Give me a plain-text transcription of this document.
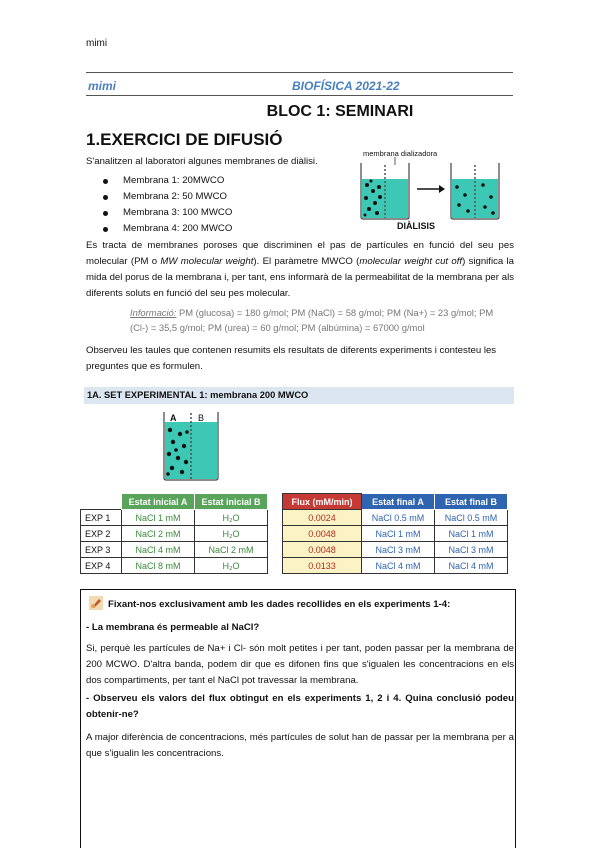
mimi
mimi	BIOFÍSICA 2021-22
BLOC 1: SEMINARI
1.EXERCICI DE DIFUSIÓ
S'analitzen al laboratori algunes membranes de diàlisi.
Membrana 1: 20MWCO
Membrana 2: 50 MWCO
Membrana 3: 100 MWCO
Membrana 4: 200 MWCO
membrana dializadora
DIÀLISIS
Es tracta de membranes poroses que discriminen el pas de partícules en funció del seu pes molecular (PM o MW molecular weight). El paràmetre MWCO (molecular weight cut off) significa la mida del porus de la membrana i, per tant, ens informarà de la permeabilitat de la membrana per als diferents soluts en funció del seu pes molecular.
Informació: PM (glucosa) = 180 g/mol; PM (NaCl) = 58 g/mol; PM (Na+) = 23 g/mol; PM (Cl-) = 35,5 g/mol; PM (urea) = 60 g/mol; PM (albúmina) = 67000 g/mol
Observeu les taules que contenen resumits els resultats de diferents experiments i contesteu les preguntes que es formulen.
1A. SET EXPERIMENTAL 1: membrana 200 MWCO
A B
	Estat inicial A	Estat inicial B		Flux (mM/min)	Estat final A	Estat final B
EXP 1	NaCl 1 mM	H₂O		0.0024	NaCl 0.5 mM	NaCl 0.5 mM
EXP 2	NaCl 2 mM	H₂O		0.0048	NaCl 1 mM	NaCl 1 mM
EXP 3	NaCl 4 mM	NaCl 2 mM		0.0048	NaCl 3 mM	NaCl 3 mM
EXP 4	NaCl 8 mM	H₂O		0.0133	NaCl 4 mM	NaCl 4 mM
Fixant-nos exclusivament amb les dades recollides en els experiments 1-4:
- La membrana és permeable al NaCl?
Si, perquè les partícules de Na+ i Cl- són molt petites i per tant, poden passar per la membrana de 200 MCWO. D'altra banda, podem dir que es difonen fins que s'igualen les concentracions en els dos compartiments, per tant el NaCl pot travessar la membrana.
- Observeu els valors del flux obtingut en els experiments 1, 2 i 4. Quina conclusió podeu obtenir-ne?
A major diferència de concentracions, més partícules de solut han de passar per la membrana per a que s'igualin les concentracions.
